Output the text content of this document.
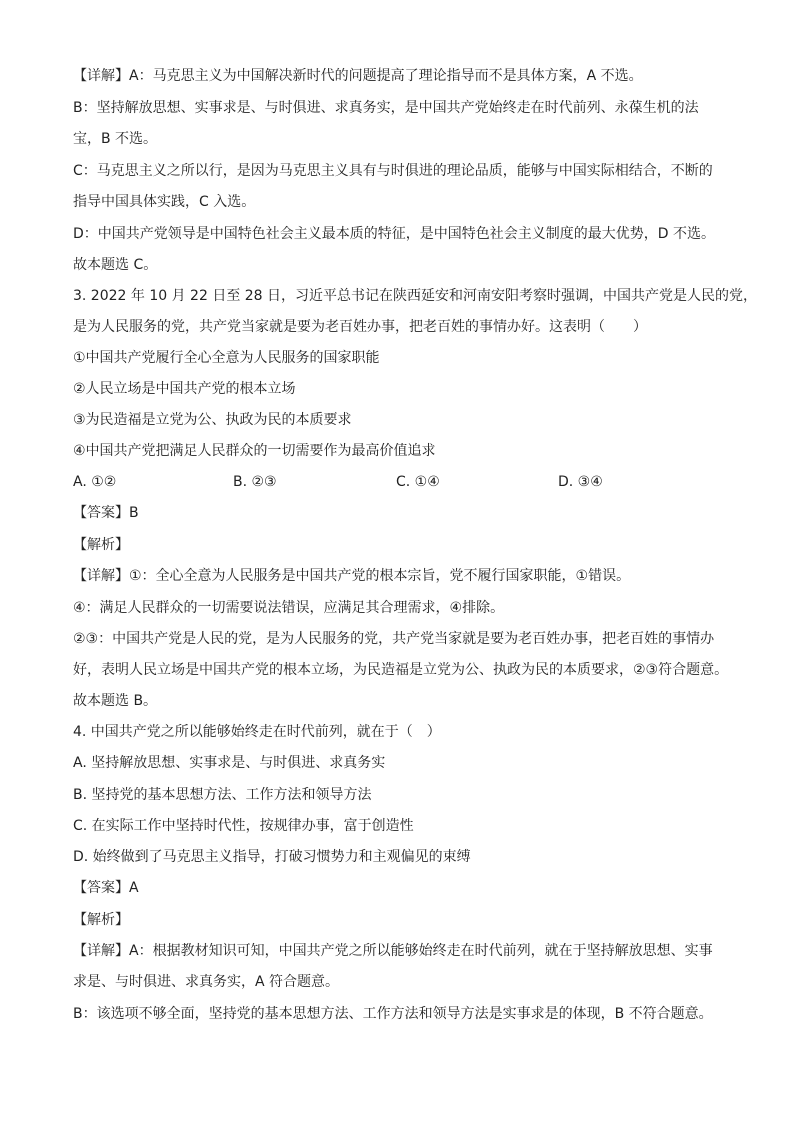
【详解】A：马克思主义为中国解决新时代的问题提高了理论指导而不是具体方案，A 不选。
B：坚持解放思想、实事求是、与时俱进、求真务实，是中国共产党始终走在时代前列、永葆生机的法
宝，B 不选。
C：马克思主义之所以行，是因为马克思主义具有与时俱进的理论品质，能够与中国实际相结合，不断的
指导中国具体实践，C 入选。
D：中国共产党领导是中国特色社会主义最本质的特征，是中国特色社会主义制度的最大优势，D 不选。
故本题选 C。
3. 2022 年 10 月 22 日至 28 日，习近平总书记在陕西延安和河南安阳考察时强调，中国共产党是人民的党，
是为人民服务的党，共产党当家就是要为老百姓办事，把老百姓的事情办好。这表明（　　）
①中国共产党履行全心全意为人民服务的国家职能
②人民立场是中国共产党的根本立场
③为民造福是立党为公、执政为民的本质要求
④中国共产党把满足人民群众的一切需要作为最高价值追求
A. ①②	B. ②③	C. ①④	D. ③④
【答案】B
【解析】
【详解】①：全心全意为人民服务是中国共产党的根本宗旨，党不履行国家职能，①错误。
④：满足人民群众的一切需要说法错误，应满足其合理需求，④排除。
②③：中国共产党是人民的党，是为人民服务的党，共产党当家就是要为老百姓办事，把老百姓的事情办
好，表明人民立场是中国共产党的根本立场，为民造福是立党为公、执政为民的本质要求，②③符合题意。
故本题选 B。
4. 中国共产党之所以能够始终走在时代前列，就在于（　）
A. 坚持解放思想、实事求是、与时俱进、求真务实
B. 坚持党的基本思想方法、工作方法和领导方法
C. 在实际工作中坚持时代性，按规律办事，富于创造性
D. 始终做到了马克思主义指导，打破习惯势力和主观偏见的束缚
【答案】A
【解析】
【详解】A：根据教材知识可知，中国共产党之所以能够始终走在时代前列，就在于坚持解放思想、实事
求是、与时俱进、求真务实，A 符合题意。
B：该选项不够全面，坚持党的基本思想方法、工作方法和领导方法是实事求是的体现，B 不符合题意。
